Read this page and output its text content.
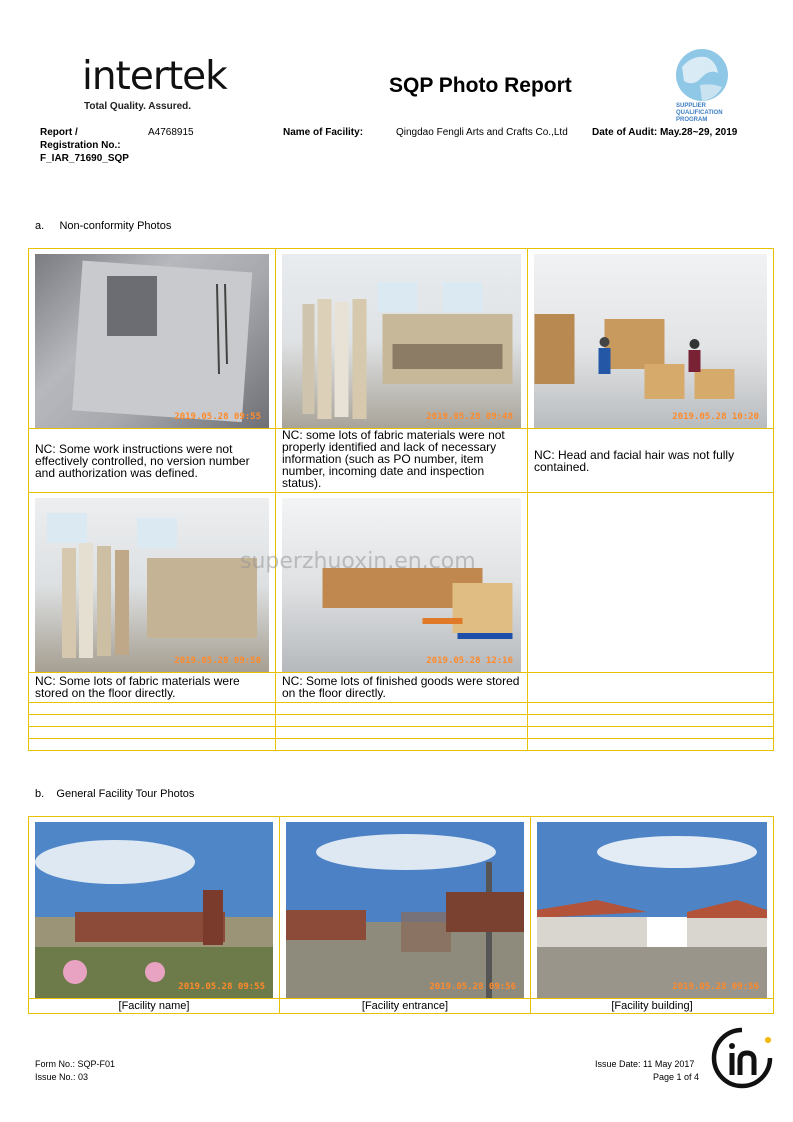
intertek
Total Quality. Assured.
SQP Photo Report
SUPPLIER
QUALIFICATION
PROGRAM
Report /
Registration No.:
F_IAR_71690_SQP
A4768915	Name of Facility:	Qingdao Fengli Arts and Crafts Co.,Ltd Date of Audit: May.28~29, 2019
a.     Non-conformity Photos
2019.05.28 09:55	2019.05.28 09:48	2019.05.28 10:20

NC: Some work instructions were not effectively controlled, no version number and authorization was defined.	NC: some lots of fabric materials were not properly identified and lack of necessary information (such as PO number, item number, incoming date and inspection status).	NC: Head and facial hair was not fully contained.

2019.05.28 09:50	2019.05.28 12:16	

NC: Some lots of fabric materials were stored on the floor directly.	NC: Some lots of finished goods were stored on the floor directly.	

superzhuoxin.en.com
b.    General Facility Tour Photos
2019.05.28 09:55	2019.05.28 09:56	2019.05.28 09:56

[Facility name]	[Facility entrance]	[Facility building]
Form No.: SQP-F01
Issue No.: 03
Issue Date: 11 May 2017
Page 1 of 4
